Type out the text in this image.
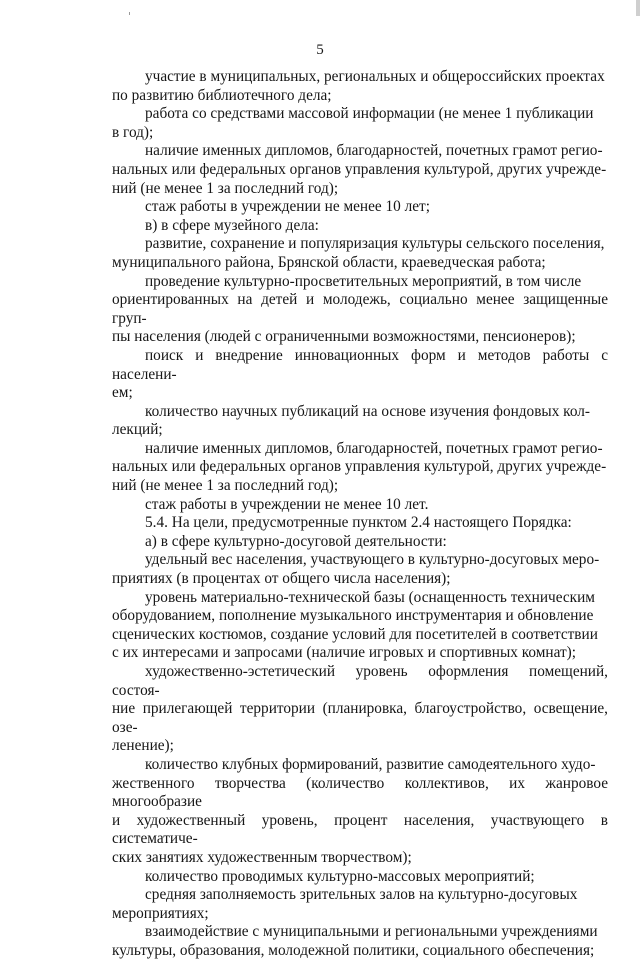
5

участие в муниципальных, региональных и общероссийских проектах
по развитию библиотечного дела;

работа со средствами массовой информации (не менее 1 публикации
в год);

наличие именных дипломов, благодарностей, почетных грамот регио-
нальных или федеральных органов управления культурой, других учрежде-
ний (не менее 1 за последний год);

стаж работы в учреждении не менее 10 лет;

в) в сфере музейного дела:

развитие, сохранение и популяризация культуры сельского поселения,
муниципального района, Брянской области, краеведческая работа;

проведение культурно-просветительных мероприятий, в том числе
ориентированных на детей и молодежь, социально менее защищенные груп-
пы населения (людей с ограниченными возможностями, пенсионеров);

поиск и внедрение инновационных форм и методов работы с населени-
ем;

количество научных публикаций на основе изучения фондовых кол-
лекций;

наличие именных дипломов, благодарностей, почетных грамот регио-
нальных или федеральных органов управления культурой, других учрежде-
ний (не менее 1 за последний год);

стаж работы в учреждении не менее 10 лет.

5.4. На цели, предусмотренные пунктом 2.4 настоящего Порядка:

а) в сфере культурно-досуговой деятельности:

удельный вес населения, участвующего в культурно-досуговых меро-
приятиях (в процентах от общего числа населения);

уровень материально-технической базы (оснащенность техническим
оборудованием, пополнение музыкального инструментария и обновление
сценических костюмов, создание условий для посетителей в соответствии
с их интересами и запросами (наличие игровых и спортивных комнат);

художественно-эстетический уровень оформления помещений, состоя-
ние прилегающей территории (планировка, благоустройство, освещение, озе-
ленение);

количество клубных формирований, развитие самодеятельного худо-
жественного творчества (количество коллективов, их жанровое многообразие
и художественный уровень, процент населения, участвующего в систематиче-
ских занятиях художественным творчеством);

количество проводимых культурно-массовых мероприятий;

средняя заполняемость зрительных залов на культурно-досуговых
мероприятиях;

взаимодействие с муниципальными и региональными учреждениями
культуры, образования, молодежной политики, социального обеспечения;
